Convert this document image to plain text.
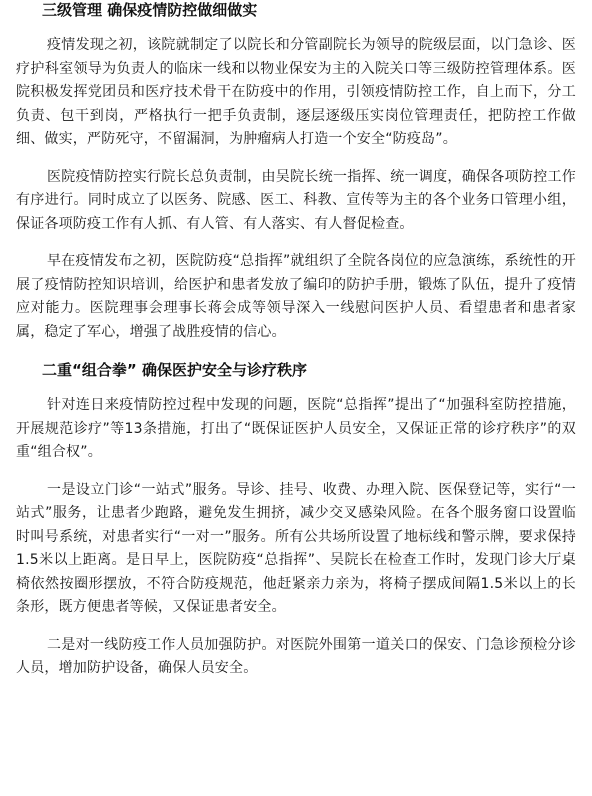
三级管理 确保疫情防控做细做实

疫情发现之初，该院就制定了以院长和分管副院长为领导的院级层面，以门急诊、医疗护科室领导为负责人的临床一线和以物业保安为主的入院关口等三级防控管理体系。医院积极发挥党团员和医疗技术骨干在防疫中的作用，引领疫情防控工作，自上而下，分工负责、包干到岗，严格执行一把手负责制，逐层逐级压实岗位管理责任，把防控工作做细、做实，严防死守，不留漏洞，为肿瘤病人打造一个安全“防疫岛”。

医院疫情防控实行院长总负责制，由吴院长统一指挥、统一调度，确保各项防控工作有序进行。同时成立了以医务、院感、医工、科教、宣传等为主的各个业务口管理小组，保证各项防疫工作有人抓、有人管、有人落实、有人督促检查。

早在疫情发布之初，医院防疫“总指挥”就组织了全院各岗位的应急演练，系统性的开展了疫情防控知识培训，给医护和患者发放了编印的防护手册，锻炼了队伍，提升了疫情应对能力。医院理事会理事长蒋会成等领导深入一线慰问医护人员、看望患者和患者家属，稳定了军心，增强了战胜疫情的信心。

二重“组合拳” 确保医护安全与诊疗秩序

针对连日来疫情防控过程中发现的问题，医院“总指挥”提出了“加强科室防控措施，开展规范诊疗”等13条措施，打出了“既保证医护人员安全，又保证正常的诊疗秩序”的双重“组合权”。

一是设立门诊“一站式”服务。导诊、挂号、收费、办理入院、医保登记等，实行“一站式”服务，让患者少跑路，避免发生拥挤，减少交叉感染风险。在各个服务窗口设置临时叫号系统，对患者实行“一对一”服务。所有公共场所设置了地标线和警示牌，要求保持1.5米以上距离。是日早上，医院防疫“总指挥”、吴院长在检查工作时，发现门诊大厅桌椅依然按圈形摆放，不符合防疫规范，他赶紧亲力亲为，将椅子摆成间隔1.5米以上的长条形，既方便患者等候，又保证患者安全。

二是对一线防疫工作人员加强防护。对医院外围第一道关口的保安、门急诊预检分诊人员，增加防护设备，确保人员安全。
